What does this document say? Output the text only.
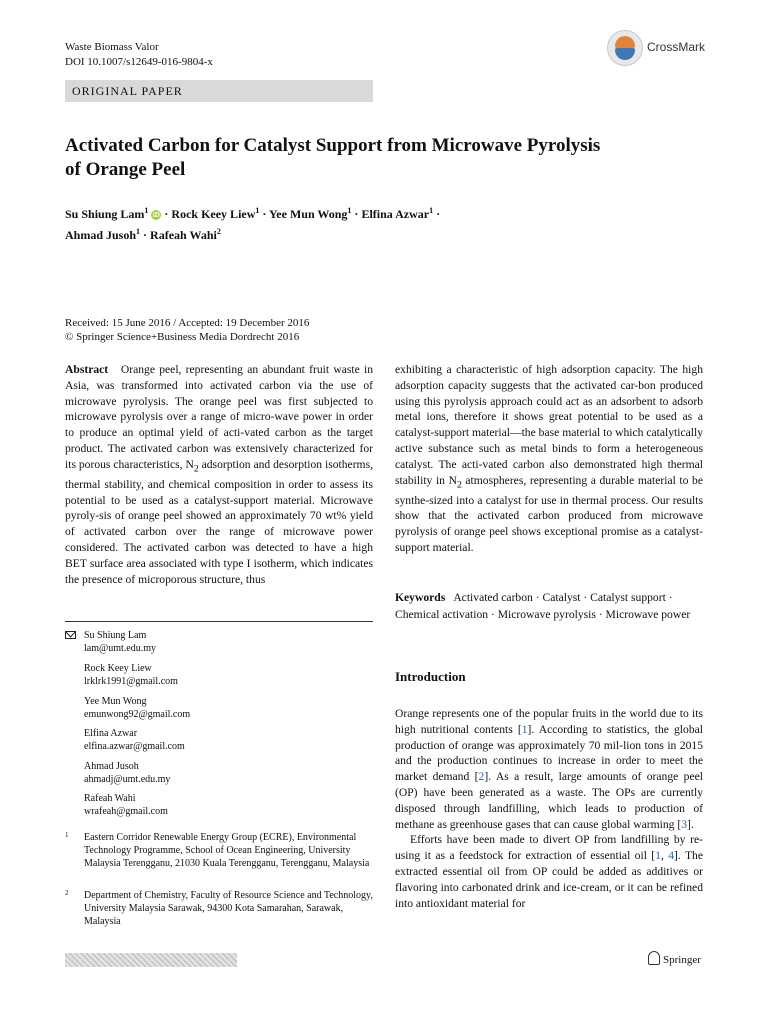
Waste Biomass Valor
DOI 10.1007/s12649-016-9804-x
CrossMark
ORIGINAL PAPER
Activated Carbon for Catalyst Support from Microwave Pyrolysis
of Orange Peel
Su Shiung Lam$^1$ iD · Rock Keey Liew$^1$ · Yee Mun Wong$^1$ · Elfina Azwar$^1$ ·
Ahmad Jusoh$^1$ · Rafeah Wahi$^2$
Received: 15 June 2016 / Accepted: 19 December 2016
© Springer Science+Business Media Dordrecht 2016
Abstract Orange peel, representing an abundant fruit waste in Asia, was transformed into activated carbon via the use of microwave pyrolysis. The orange peel was first subjected to microwave pyrolysis over a range of micro-wave power in order to produce an optimal yield of acti-vated carbon as the target product. The activated carbon was extensively characterized for its porous characteristics, $N_2$ adsorption and desorption isotherms, thermal stability, and chemical composition in order to assess its potential to be used as a catalyst-support material. Microwave pyroly-sis of orange peel showed an approximately 70 wt% yield of activated carbon over the range of microwave power considered. The activated carbon was detected to have a high BET surface area associated with type I isotherm, which indicates the presence of microporous structure, thus
exhibiting a characteristic of high adsorption capacity. The high adsorption capacity suggests that the activated car-bon produced using this pyrolysis approach could act as an adsorbent to adsorb metal ions, therefore it shows great potential to be used as a catalyst-support material—the base material to which catalytically active substance such as metal binds to form a heterogeneous catalyst. The acti-vated carbon also demonstrated high thermal stability in $N_2$ atmospheres, representing a durable material to be synthe-sized into a catalyst for use in thermal process. Our results show that the activated carbon produced from microwave pyrolysis of orange peel shows exceptional promise as a catalyst-support material.
Keywords Activated carbon · Catalyst · Catalyst support · Chemical activation · Microwave pyrolysis · Microwave power
Su Shiung Lam
lam@umt.edu.my
Rock Keey Liew
lrklrk1991@gmail.com
Yee Mun Wong
emunwong92@gmail.com
Elfina Azwar
elfina.azwar@gmail.com
Ahmad Jusoh
ahmadj@umt.edu.my
Rafeah Wahi
wrafeah@gmail.com
1 Eastern Corridor Renewable Energy Group (ECRE), Environmental Technology Programme, School of Ocean Engineering, University Malaysia Terengganu, 21030 Kuala Terengganu, Terengganu, Malaysia
2 Department of Chemistry, Faculty of Resource Science and Technology, University Malaysia Sarawak, 94300 Kota Samarahan, Sarawak, Malaysia
Introduction
Orange represents one of the popular fruits in the world due to its high nutritional contents [1]. According to statistics, the global production of orange was approximately 70 mil-lion tons in 2015 and the production continues to increase in order to meet the market demand [2]. As a result, large amounts of orange peel (OP) have been generated as a waste. The OPs are currently disposed through landfilling, which leads to production of methane as greenhouse gases that can cause global warming [3].
Efforts have been made to divert OP from landfilling by re-using it as a feedstock for extraction of essential oil [1, 4]. The extracted essential oil from OP could be added as additives or flavoring into carbonated drink and ice-cream, or it can be refined into antioxidant material for
Springer
